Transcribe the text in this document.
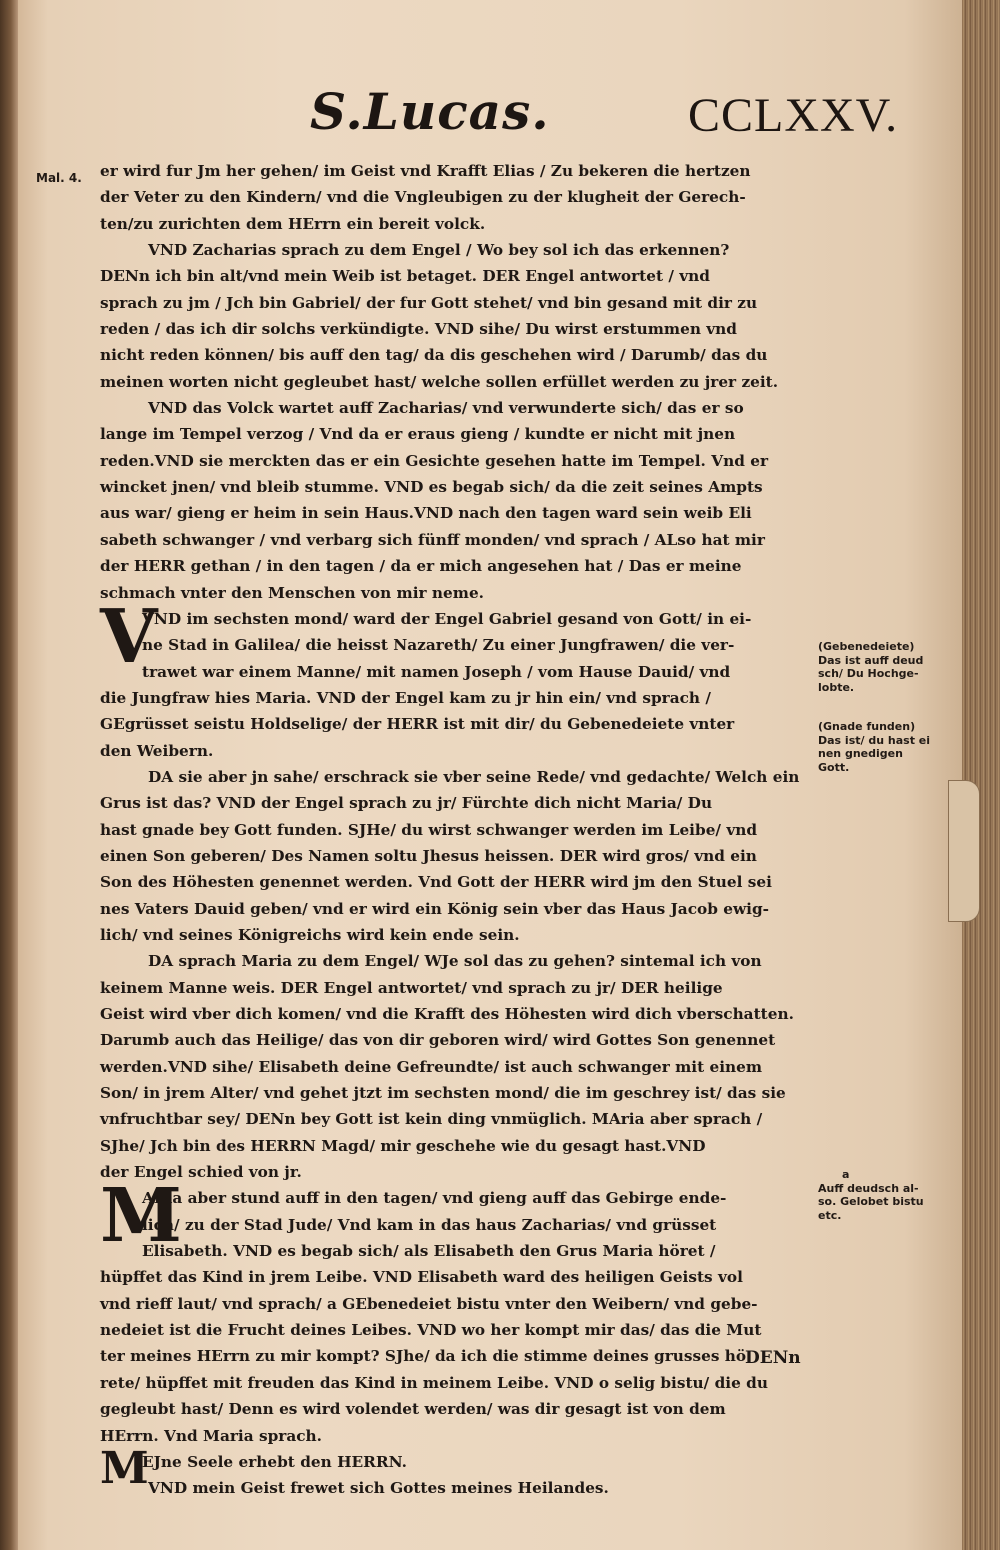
S.Lucas.	CCLXXV.
Mal. 4. er wird fur Jm her gehen/ im Geist vnd Krafft Elias / Zu bekeren die hertzen
der Veter zu den Kindern/ vnd die Vngleubigen zu der klugheit der Gerech-
ten/zu zurichten dem HErrn ein bereit volck.
VND Zacharias sprach zu dem Engel / Wo bey sol ich das erkennen?
DENn ich bin alt/vnd mein Weib ist betaget. DER Engel antwortet / vnd
sprach zu jm / Jch bin Gabriel/ der fur Gott stehet/ vnd bin gesand mit dir zu
reden / das ich dir solchs verkündigte. VND sihe/ Du wirst erstummen vnd
nicht reden können/ bis auff den tag/ da dis geschehen wird / Darumb/ das du
meinen worten nicht gegleubet hast/ welche sollen erfüllet werden zu jrer zeit.
VND das Volck wartet auff Zacharias/ vnd verwunderte sich/ das er so
lange im Tempel verzog / Vnd da er eraus gieng / kundte er nicht mit jnen
reden.VND sie merckten das er ein Gesichte gesehen hatte im Tempel. Vnd er
wincket jnen/ vnd bleib stumme. VND es begab sich/ da die zeit seines Ampts
aus war/ gieng er heim in sein Haus.VND nach den tagen ward sein weib Eli
sabeth schwanger / vnd verbarg sich fünff monden/ vnd sprach / ALso hat mir
der HERR gethan / in den tagen / da er mich angesehen hat / Das er meine
schmach vnter den Menschen von mir neme.
V
VND im sechsten mond/ ward der Engel Gabriel gesand von Gott/ in ei-
ne Stad in Galilea/ die heisst Nazareth/ Zu einer Jungfrawen/ die ver-
trawet war einem Manne/ mit namen Joseph / vom Hause Dauid/ vnd
die Jungfraw hies Maria. VND der Engel kam zu jr hin ein/ vnd sprach /
GEgrüsset seistu Holdselige/ der HERR ist mit dir/ du Gebenedeiete vnter
den Weibern.
DA sie aber jn sahe/ erschrack sie vber seine Rede/ vnd gedachte/ Welch ein
Grus ist das? VND der Engel sprach zu jr/ Fürchte dich nicht Maria/ Du
hast gnade bey Gott funden. SJHe/ du wirst schwanger werden im Leibe/ vnd
einen Son geberen/ Des Namen soltu Jhesus heissen. DER wird gros/ vnd ein
Son des Höhesten genennet werden. Vnd Gott der HERR wird jm den Stuel sei
nes Vaters Dauid geben/ vnd er wird ein König sein vber das Haus Jacob ewig-
lich/ vnd seines Königreichs wird kein ende sein.
DA sprach Maria zu dem Engel/ WJe sol das zu gehen? sintemal ich von
keinem Manne weis. DER Engel antwortet/ vnd sprach zu jr/ DER heilige
Geist wird vber dich komen/ vnd die Krafft des Höhesten wird dich vberschatten.
Darumb auch das Heilige/ das von dir geboren wird/ wird Gottes Son genennet
werden.VND sihe/ Elisabeth deine Gefreundte/ ist auch schwanger mit einem
Son/ in jrem Alter/ vnd gehet jtzt im sechsten mond/ die im geschrey ist/ das sie
vnfruchtbar sey/ DENn bey Gott ist kein ding vnmüglich. MAria aber sprach /
SJhe/ Jch bin des HERRN Magd/ mir geschehe wie du gesagt hast.VND
der Engel schied von jr.
M
ARia aber stund auff in den tagen/ vnd gieng auff das Gebirge ende-
lich/ zu der Stad Jude/ Vnd kam in das haus Zacharias/ vnd grüsset
Elisabeth. VND es begab sich/ als Elisabeth den Grus Maria höret /
hüpffet das Kind in jrem Leibe. VND Elisabeth ward des heiligen Geists vol
vnd rieff laut/ vnd sprach/ a GEbenedeiet bistu vnter den Weibern/ vnd gebe-
nedeiet ist die Frucht deines Leibes. VND wo her kompt mir das/ das die Mut
ter meines HErrn zu mir kompt? SJhe/ da ich die stimme deines grusses hö
rete/ hüpffet mit freuden das Kind in meinem Leibe. VND o selig bistu/ die du
gegleubt hast/ Denn es wird volendet werden/ was dir gesagt ist von dem
HErrn. Vnd Maria sprach.
M
EJne Seele erhebt den HERRN.
VND mein Geist frewet sich Gottes meines Heilandes.
(Gebenedeiete)
Das ist auff deud
sch/ Du Hochge-
lobte.
(Gnade funden)
Das ist/ du hast ei
nen gnedigen
Gott.
a
Auff deudsch al-
so. Gelobet bistu
etc.
DENn
